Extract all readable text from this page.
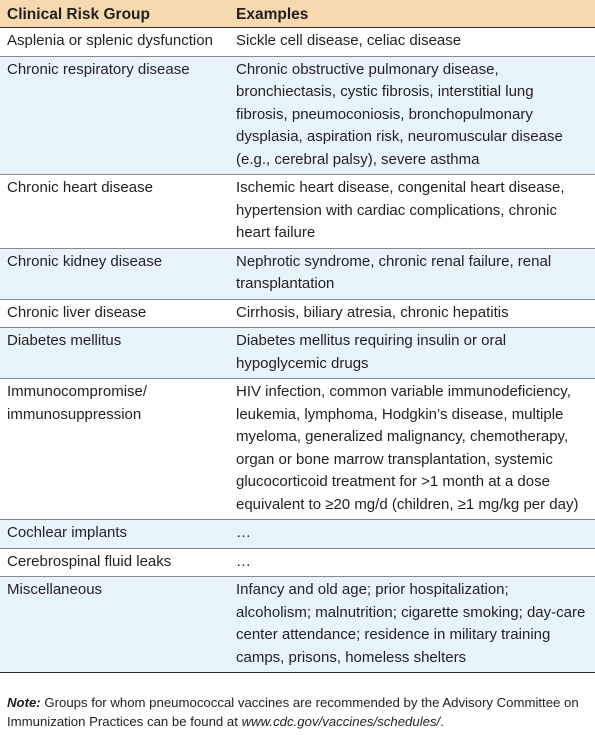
Clinical Risk Group	Examples
Asplenia or splenic dysfunction	Sickle cell disease, celiac disease
Chronic respiratory disease	Chronic obstructive pulmonary disease, bronchiectasis, cystic fibrosis, interstitial lung fibrosis, pneumoconiosis, bronchopulmonary dysplasia, aspiration risk, neuromuscular disease (e.g., cerebral palsy), severe asthma
Chronic heart disease	Ischemic heart disease, congenital heart disease, hypertension with cardiac complications, chronic heart failure
Chronic kidney disease	Nephrotic syndrome, chronic renal failure, renal transplantation
Chronic liver disease	Cirrhosis, biliary atresia, chronic hepatitis
Diabetes mellitus	Diabetes mellitus requiring insulin or oral hypoglycemic drugs
Immunocompromise/ immunosuppression	HIV infection, common variable immunodeficiency, leukemia, lymphoma, Hodgkin’s disease, multiple myeloma, generalized malignancy, chemotherapy, organ or bone marrow transplantation, systemic glucocorticoid treatment for >1 month at a dose equivalent to ≥20 mg/d (children, ≥1 mg/kg per day)
Cochlear implants	…
Cerebrospinal fluid leaks	…
Miscellaneous	Infancy and old age; prior hospitalization; alcoholism; malnutrition; cigarette smoking; day-care center attendance; residence in military training camps, prisons, homeless shelters
Note: Groups for whom pneumococcal vaccines are recommended by the Advisory Committee on Immunization Practices can be found at www.cdc.gov/vaccines/schedules/.
